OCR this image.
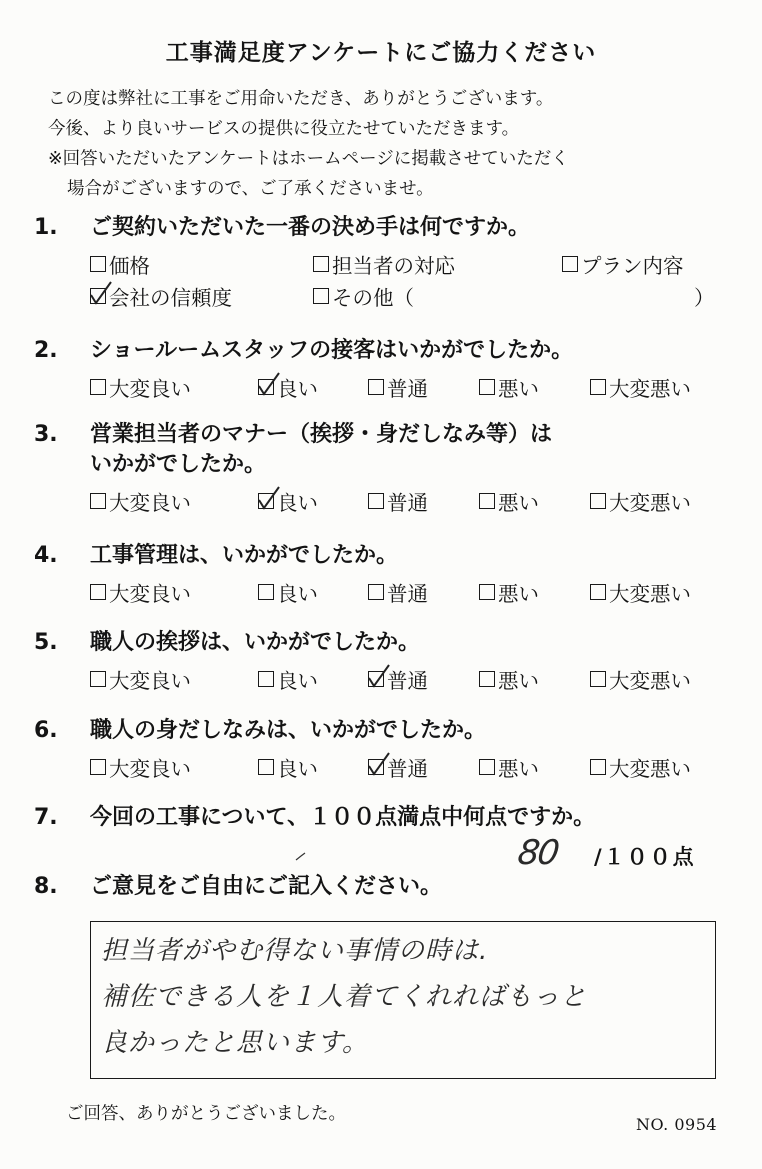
工事満足度アンケートにご協力ください
この度は弊社に工事をご用命いただき、ありがとうございます。
今後、より良いサービスの提供に役立たせていただきます。
※回答いただいたアンケートはホームページに掲載させていただく
場合がございますので、ご了承くださいませ。
1.	ご契約いただいた一番の決め手は何ですか。
価格	担当者の対応	プラン内容
会社の信頼度	その他（	）
2.	ショールームスタッフの接客はいかがでしたか。
大変良い	良い	普通	悪い	大変悪い
3.	営業担当者のマナー（挨拶・身だしなみ等）は
いかがでしたか。
大変良い	良い	普通	悪い	大変悪い
4.	工事管理は、いかがでしたか。
大変良い	良い	普通	悪い	大変悪い
5.	職人の挨拶は、いかがでしたか。
大変良い	良い	普通	悪い	大変悪い
6.	職人の身だしなみは、いかがでしたか。
大変良い	良い	普通	悪い	大変悪い
7.	今回の工事について、１００点満点中何点ですか。
80 /１００点
8.	ご意見をご自由にご記入ください。
担当者がやむ得ない事情の時は.
補佐できる人を１人着てくれればもっと
良かったと思います。
ご回答、ありがとうございました。
NO. 0954
